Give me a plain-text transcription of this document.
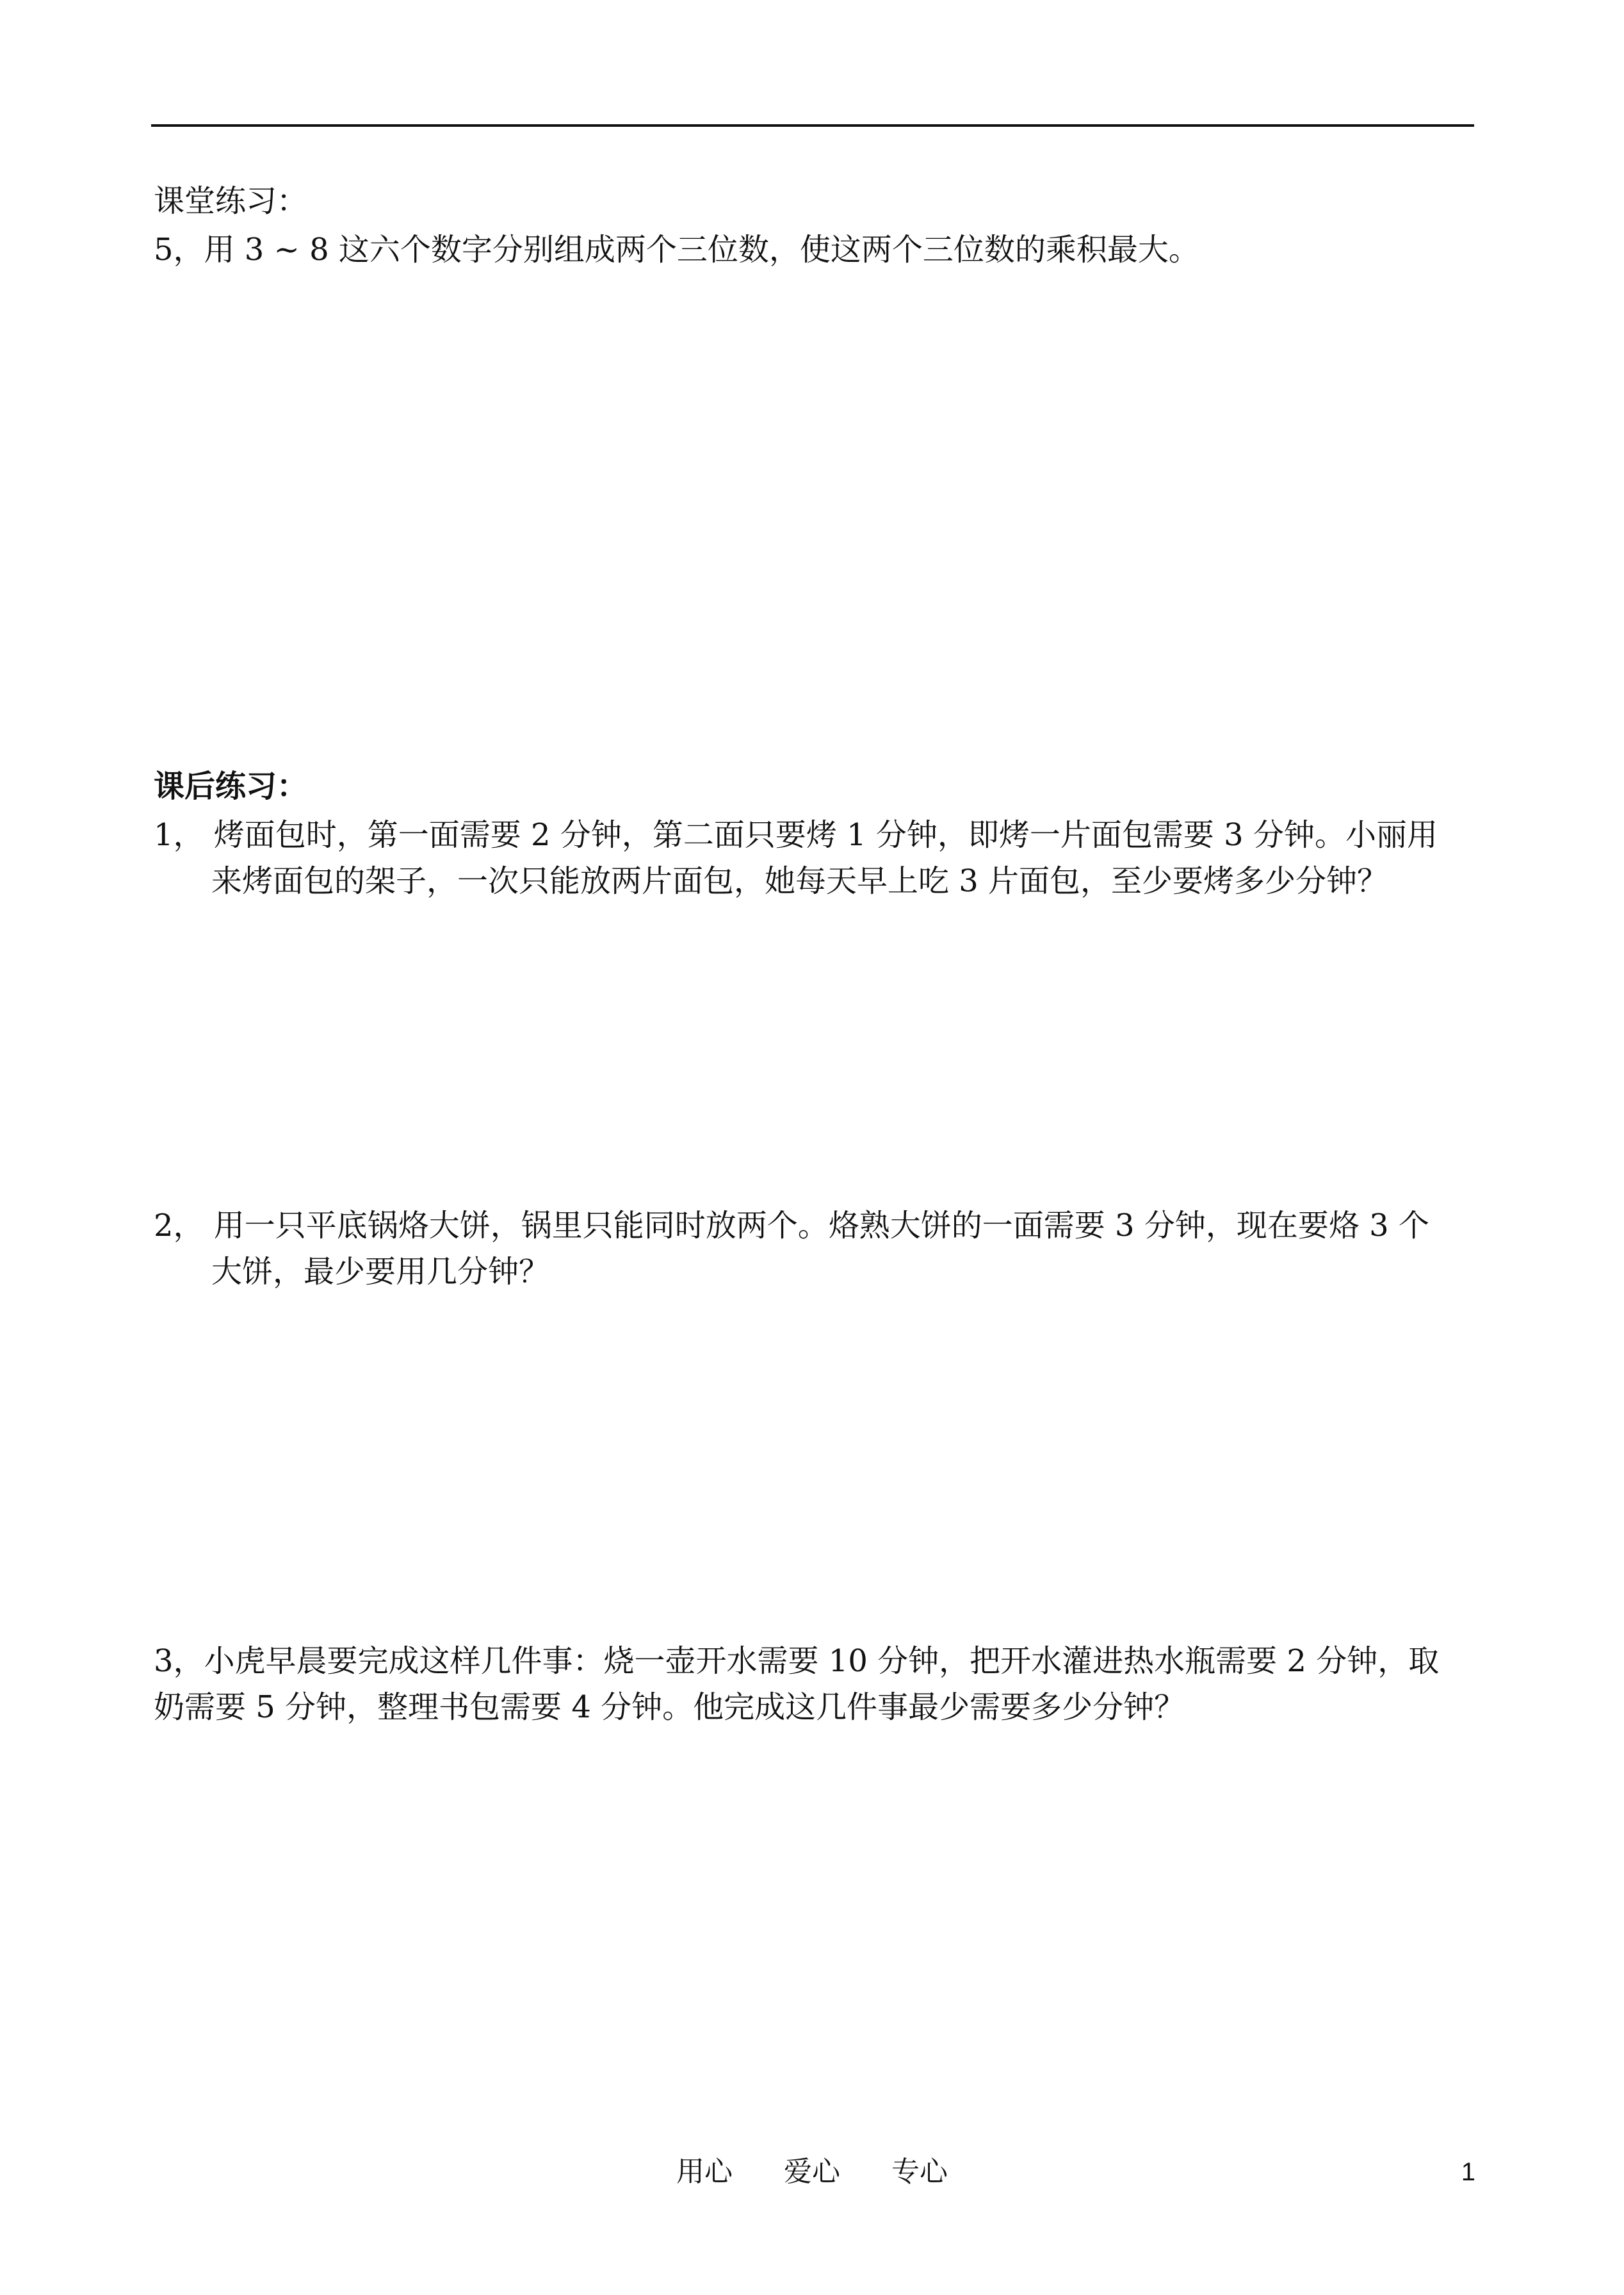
课堂练习：
5，用 3 ~ 8 这六个数字分别组成两个三位数，使这两个三位数的乘积最大。
课后练习：
1， 烤面包时，第一面需要 2 分钟，第二面只要烤 1 分钟，即烤一片面包需要 3 分钟。小丽用
来烤面包的架子，一次只能放两片面包，她每天早上吃 3 片面包，至少要烤多少分钟？
2， 用一只平底锅烙大饼，锅里只能同时放两个。烙熟大饼的一面需要 3 分钟，现在要烙 3 个
大饼，最少要用几分钟？
3，小虎早晨要完成这样几件事：烧一壶开水需要 10 分钟，把开水灌进热水瓶需要 2 分钟，取
奶需要 5 分钟，整理书包需要 4 分钟。他完成这几件事最少需要多少分钟？
用心 爱心 专心	1
